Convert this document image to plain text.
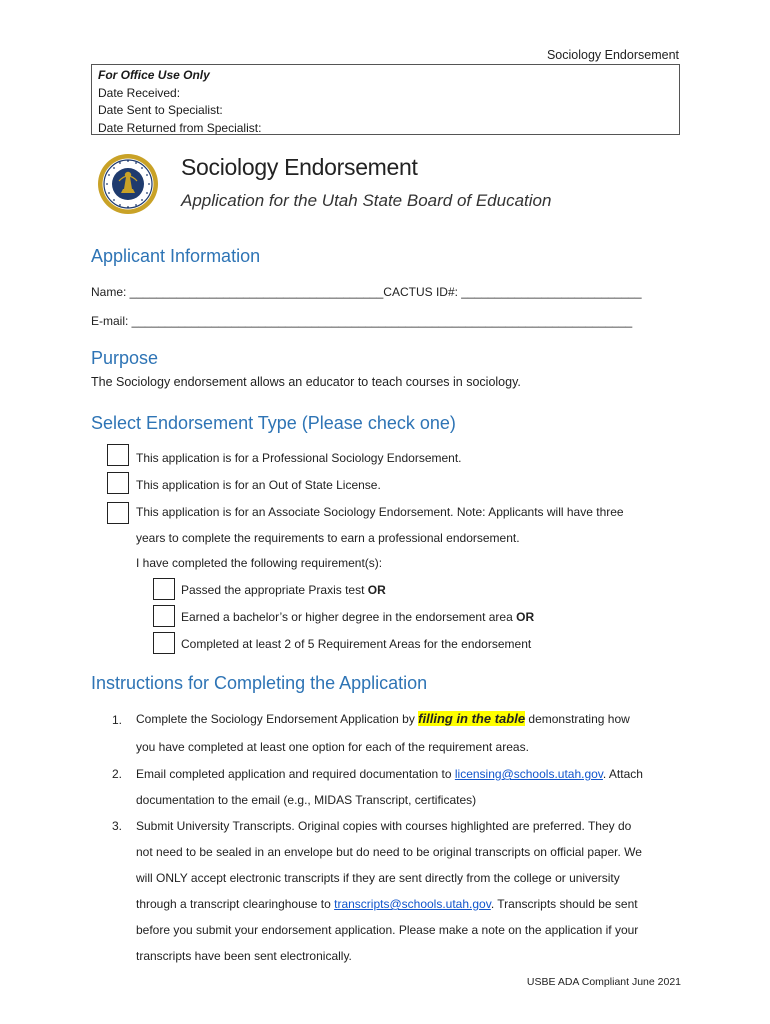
Sociology Endorsement
For Office Use Only
Date Received:
Date Sent to Specialist:
Date Returned from Specialist:
Sociology Endorsement
Application for the Utah State Board of Education
Applicant Information
Name: ______________________________________CACTUS ID#: ___________________________
E-mail: ___________________________________________________________________________
Purpose
The Sociology endorsement allows an educator to teach courses in sociology.
Select Endorsement Type (Please check one)
This application is for a Professional Sociology Endorsement.
This application is for an Out of State License.
This application is for an Associate Sociology Endorsement. Note: Applicants will have three
years to complete the requirements to earn a professional endorsement.
I have completed the following requirement(s):
Passed the appropriate Praxis test OR
Earned a bachelor’s or higher degree in the endorsement area OR
Completed at least 2 of 5 Requirement Areas for the endorsement
Instructions for Completing the Application
1. Complete the Sociology Endorsement Application by filling in the table demonstrating how
you have completed at least one option for each of the requirement areas.
2. Email completed application and required documentation to licensing@schools.utah.gov. Attach
documentation to the email (e.g., MIDAS Transcript, certificates)
3. Submit University Transcripts. Original copies with courses highlighted are preferred. They do
not need to be sealed in an envelope but do need to be original transcripts on official paper. We
will ONLY accept electronic transcripts if they are sent directly from the college or university
through a transcript clearinghouse to transcripts@schools.utah.gov. Transcripts should be sent
before you submit your endorsement application. Please make a note on the application if your
transcripts have been sent electronically.
USBE ADA Compliant June 2021
